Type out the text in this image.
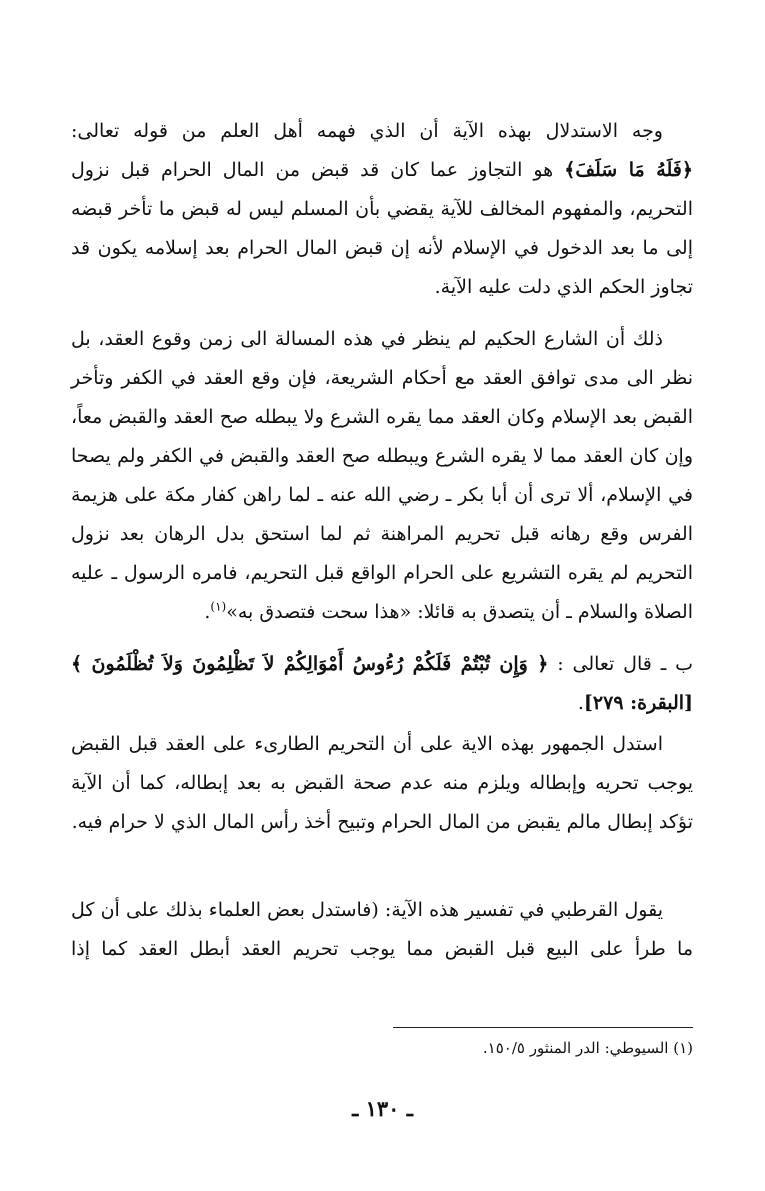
وجه الاستدلال بهذه الآية أن الذي فهمه أهل العلم من قوله تعالى: ﴿فَلَهُ مَا سَلَفَ﴾ هو التجاوز عما كان قد قبض من المال الحرام قبل نزول التحريم، والمفهوم المخالف للآية يقضي بأن المسلم ليس له قبض ما تأخر قبضه إلى ما بعد الدخول في الإسلام لأنه إن قبض المال الحرام بعد إسلامه يكون قد تجاوز الحكم الذي دلت عليه الآية.

ذلك أن الشارع الحكيم لم ينظر في هذه المسالة الى زمن وقوع العقد، بل نظر الى مدى توافق العقد مع أحكام الشريعة، فإن وقع العقد في الكفر وتأخر القبض بعد الإسلام وكان العقد مما يقره الشرع ولا يبطله صح العقد والقبض معاً، وإن كان العقد مما لا يقره الشرع ويبطله صح العقد والقبض في الكفر ولم يصحا في الإسلام، ألا ترى أن أبا بكر ـ رضي الله عنه ـ لما راهن كفار مكة على هزيمة الفرس وقع رهانه قبل تحريم المراهنة ثم لما استحق بدل الرهان بعد نزول التحريم لم يقره التشريع على الحرام الواقع قبل التحريم، فامره الرسول ـ عليه الصلاة والسلام ـ أن يتصدق به قائلا: «هذا سحت فتصدق به»$^{(١)}$.

ب ـ قال تعالى : ﴿ وَإِن تُبْتُمْ فَلَكُمْ رُءُوسُ أَمْوَالِكُمْ لاَ تَظْلِمُونَ وَلاَ تُظْلَمُونَ ﴾ [البقرة: ٢٧٩].

استدل الجمهور بهذه الاية على أن التحريم الطارىء على العقد قبل القبض يوجب تحريه وإبطاله ويلزم منه عدم صحة القبض به بعد إبطاله، كما أن الآية تؤكد إبطال مالم يقبض من المال الحرام وتبيح أخذ رأس المال الذي لا حرام فيه.

يقول القرطبي في تفسير هذه الآية: (فاستدل بعض العلماء بذلك على أن كل ما طرأ على البيع قبل القبض مما يوجب تحريم العقد أبطل العقد كما إذا

(١) السيوطي: الدر المنثور ١٥٠/٥.
ـ ١٣٠ ـ
